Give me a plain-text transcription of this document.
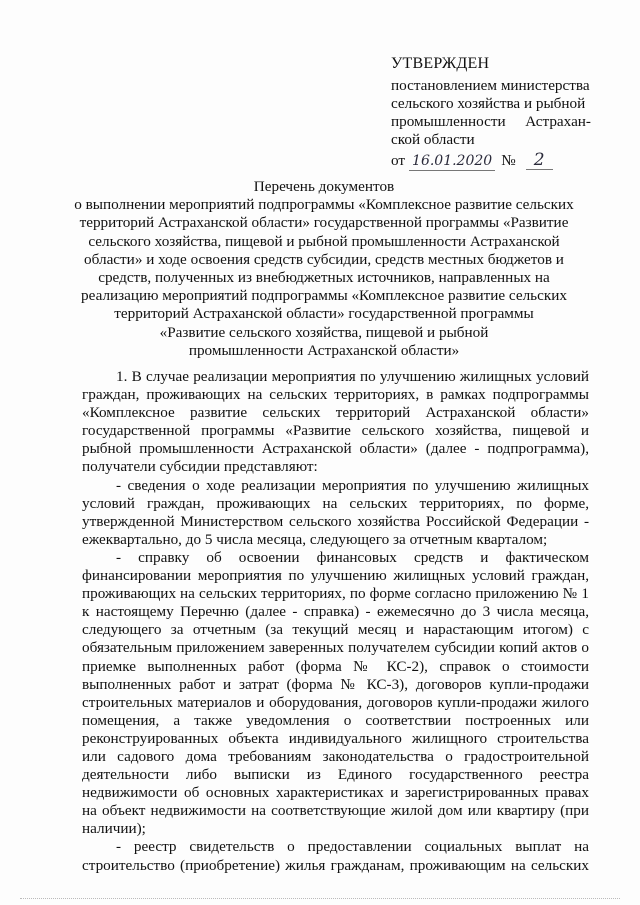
УТВЕРЖДЕН
постановлением министерства
сельского хозяйства и рыбной
промышленности Астрахан-
ской области
от 16.01.2020 №	2
Перечень документов
о выполнении мероприятий подпрограммы «Комплексное развитие сельских
территорий Астраханской области» государственной программы «Развитие
сельского хозяйства, пищевой и рыбной промышленности Астраханской
области» и ходе освоения средств субсидии, средств местных бюджетов и
средств, полученных из внебюджетных источников, направленных на
реализацию мероприятий подпрограммы «Комплексное развитие сельских
территорий Астраханской области» государственной программы
«Развитие сельского хозяйства, пищевой и рыбной
промышленности Астраханской области»
1. В случае реализации мероприятия по улучшению жилищных условий
граждан, проживающих на сельских территориях, в рамках подпрограммы
«Комплексное развитие сельских территорий Астраханской области»
государственной программы «Развитие сельского хозяйства, пищевой и
рыбной промышленности Астраханской области» (далее - подпрограмма),
получатели субсидии представляют:
- сведения о ходе реализации мероприятия по улучшению жилищных
условий граждан, проживающих на сельских территориях, по форме,
утвержденной Министерством сельского хозяйства Российской Федерации -
ежеквартально, до 5 числа месяца, следующего за отчетным кварталом;
- справку об освоении финансовых средств и фактическом
финансировании мероприятия по улучшению жилищных условий граждан,
проживающих на сельских территориях, по форме согласно приложению № 1
к настоящему Перечню (далее - справка) - ежемесячно до 3 числа месяца,
следующего за отчетным (за текущий месяц и нарастающим итогом) с
обязательным приложением заверенных получателем субсидии копий актов о
приемке выполненных работ (форма № КС-2), справок о стоимости
выполненных работ и затрат (форма № КС-3), договоров купли-продажи
строительных материалов и оборудования, договоров купли-продажи жилого
помещения, а также уведомления о соответствии построенных или
реконструированных объекта индивидуального жилищного строительства
или садового дома требованиям законодательства о градостроительной
деятельности либо выписки из Единого государственного реестра
недвижимости об основных характеристиках и зарегистрированных правах
на объект недвижимости на соответствующие жилой дом или квартиру (при
наличии);
- реестр свидетельств о предоставлении социальных выплат на
строительство (приобретение) жилья гражданам, проживающим на сельских
